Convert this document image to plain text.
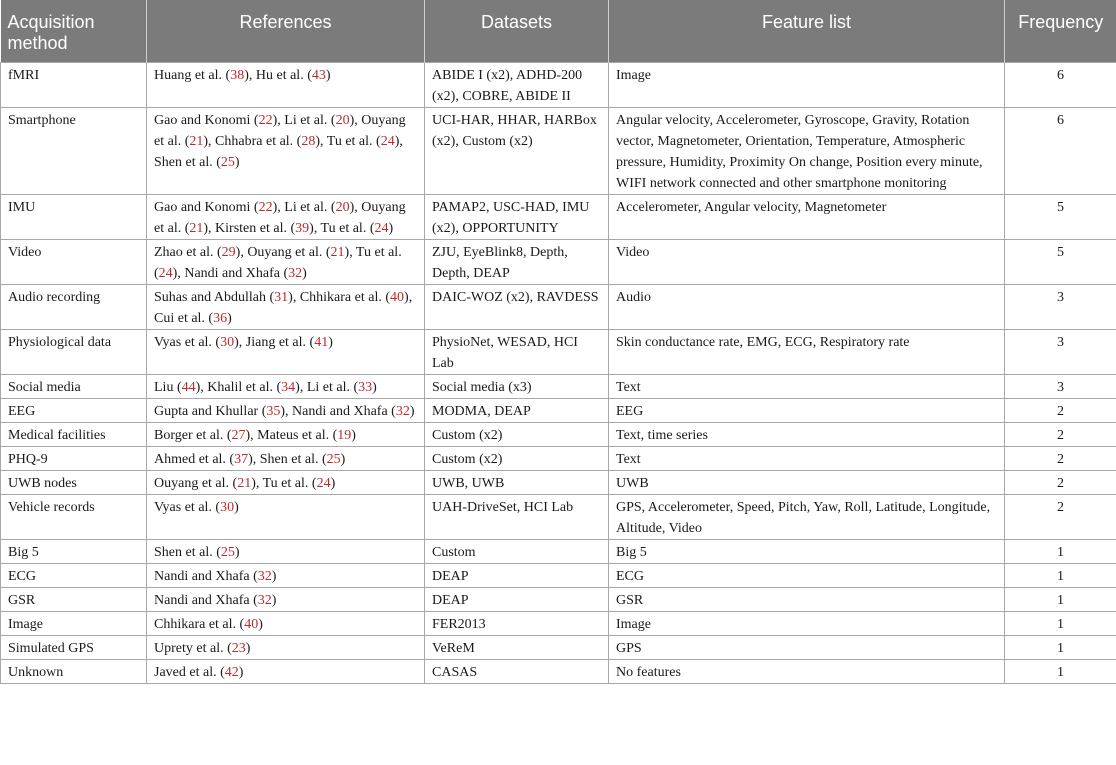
Acquisition method	References	Datasets	Feature list	Frequency
fMRI	Huang et al. (38), Hu et al. (43)	ABIDE I (x2), ADHD-200 (x2), COBRE, ABIDE II	Image	6
Smartphone	Gao and Konomi (22), Li et al. (20), Ouyang et al. (21), Chhabra et al. (28), Tu et al. (24), Shen et al. (25)	UCI-HAR, HHAR, HARBox (x2), Custom (x2)	Angular velocity, Accelerometer, Gyroscope, Gravity, Rotation vector, Magnetometer, Orientation, Temperature, Atmospheric pressure, Humidity, Proximity On change, Position every minute, WIFI network connected and other smartphone monitoring	6
IMU	Gao and Konomi (22), Li et al. (20), Ouyang et al. (21), Kirsten et al. (39), Tu et al. (24)	PAMAP2, USC-HAD, IMU (x2), OPPORTUNITY	Accelerometer, Angular velocity, Magnetometer	5
Video	Zhao et al. (29), Ouyang et al. (21), Tu et al. (24), Nandi and Xhafa (32)	ZJU, EyeBlink8, Depth, Depth, DEAP	Video	5
Audio recording	Suhas and Abdullah (31), Chhikara et al. (40), Cui et al. (36)	DAIC-WOZ (x2), RAVDESS	Audio	3
Physiological data	Vyas et al. (30), Jiang et al. (41)	PhysioNet, WESAD, HCI Lab	Skin conductance rate, EMG, ECG, Respiratory rate	3
Social media	Liu (44), Khalil et al. (34), Li et al. (33)	Social media (x3)	Text	3
EEG	Gupta and Khullar (35), Nandi and Xhafa (32)	MODMA, DEAP	EEG	2
Medical facilities	Borger et al. (27), Mateus et al. (19)	Custom (x2)	Text, time series	2
PHQ-9	Ahmed et al. (37), Shen et al. (25)	Custom (x2)	Text	2
UWB nodes	Ouyang et al. (21), Tu et al. (24)	UWB, UWB	UWB	2
Vehicle records	Vyas et al. (30)	UAH-DriveSet, HCI Lab	GPS, Accelerometer, Speed, Pitch, Yaw, Roll, Latitude, Longitude, Altitude, Video	2
Big 5	Shen et al. (25)	Custom	Big 5	1
ECG	Nandi and Xhafa (32)	DEAP	ECG	1
GSR	Nandi and Xhafa (32)	DEAP	GSR	1
Image	Chhikara et al. (40)	FER2013	Image	1
Simulated GPS	Uprety et al. (23)	VeReM	GPS	1
Unknown	Javed et al. (42)	CASAS	No features	1
